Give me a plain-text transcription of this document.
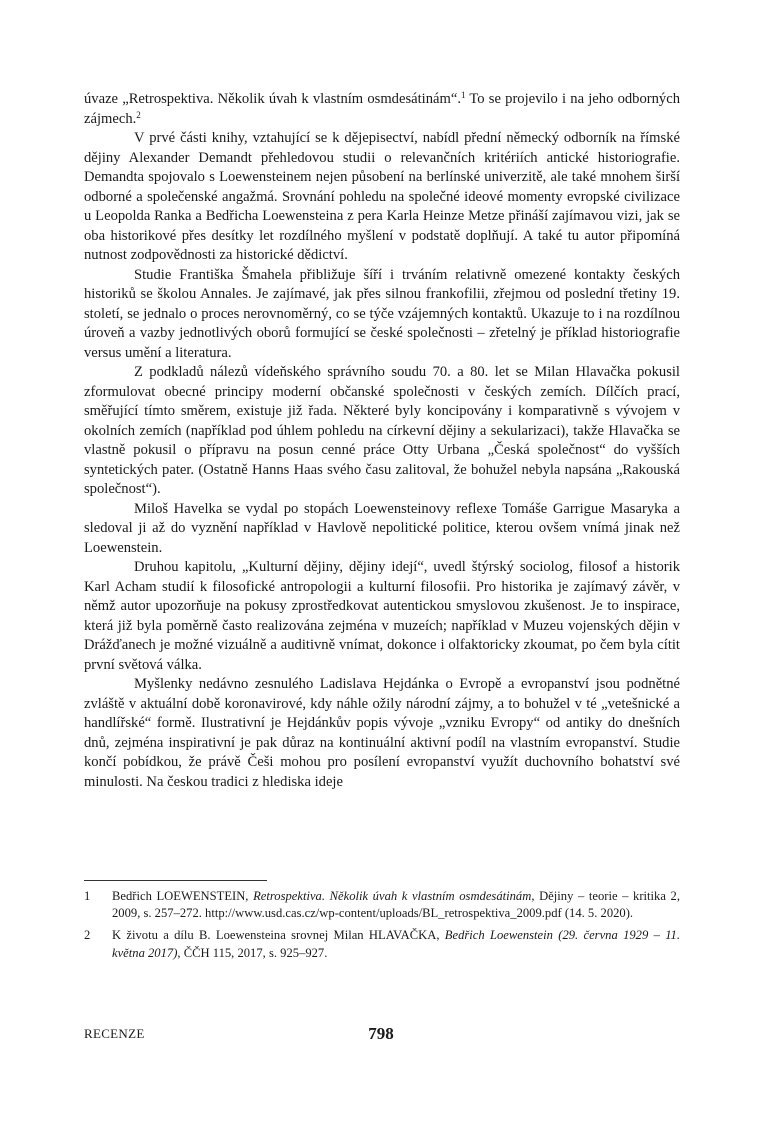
úvaze „Retrospektiva. Několik úvah k vlastním osmdesátinám“.$^1$ To se projevilo i na jeho odborných zájmech.$^2$

V prvé části knihy, vztahující se k dějepisectví, nabídl přední německý odborník na římské dějiny Alexander Demandt přehledovou studii o relevančních kritériích antické historiografie. Demandta spojovalo s Loewensteinem nejen působení na berlínské univerzitě, ale také mnohem širší odborné a společenské angažmá. Srovnání pohledu na společné ideové momenty evropské civilizace u Leopolda Ranka a Bedřicha Loewensteina z pera Karla Heinze Metze přináší zajímavou vizi, jak se oba historikové přes desítky let rozdílného myšlení v podstatě doplňují. A také tu autor připomíná nutnost zodpovědnosti za historické dědictví.

Studie Františka Šmahela přibližuje šíří i trváním relativně omezené kontakty českých historiků se školou Annales. Je zajímavé, jak přes silnou frankofilii, zřejmou od poslední třetiny 19. století, se jednalo o proces nerovnoměrný, co se týče vzájemných kontaktů. Ukazuje to i na rozdílnou úroveň a vazby jednotlivých oborů formující se české společnosti – zřetelný je příklad historiografie versus umění a literatura.

Z podkladů nálezů vídeňského správního soudu 70. a 80. let se Milan Hlavačka pokusil zformulovat obecné principy moderní občanské společnosti v českých zemích. Dílčích prací, směřující tímto směrem, existuje již řada. Některé byly koncipovány i komparativně s vývojem v okolních zemích (například pod úhlem pohledu na církevní dějiny a sekularizaci), takže Hlavačka se vlastně pokusil o přípravu na posun cenné práce Otty Urbana „Česká společnost“ do vyšších syntetických pater. (Ostatně Hanns Haas svého času zalitoval, že bohužel nebyla napsána „Rakouská společnost“).

Miloš Havelka se vydal po stopách Loewensteinovy reflexe Tomáše Garrigue Masaryka a sledoval ji až do vyznění například v Havlově nepolitické politice, kterou ovšem vnímá jinak než Loewenstein.

Druhou kapitolu, „Kulturní dějiny, dějiny idejí“, uvedl štýrský sociolog, filosof a historik Karl Acham studií k filosofické antropologii a kulturní filosofii. Pro historika je zajímavý závěr, v němž autor upozorňuje na pokusy zprostředkovat autentickou smyslovou zkušenost. Je to inspirace, která již byla poměrně často realizována zejména v muzeích; například v Muzeu vojenských dějin v Drážďanech je možné vizuálně a auditivně vnímat, dokonce i olfaktoricky zkoumat, po čem byla cítit první světová válka.

Myšlenky nedávno zesnulého Ladislava Hejdánka o Evropě a evropanství jsou podnětné zvláště v aktuální době koronavirové, kdy náhle ožily národní zájmy, a to bohužel v té „vetešnické a handlířské“ formě. Ilustrativní je Hejdánkův popis vývoje „vzniku Evropy“ od antiky do dnešních dnů, zejména inspirativní je pak důraz na kontinuální aktivní podíl na vlastním evropanství. Studie končí pobídkou, že právě Češi mohou pro posílení evropanství využít duchovního bohatství své minulosti. Na českou tradici z hlediska ideje

1	Bedřich LOEWENSTEIN, Retrospektiva. Několik úvah k vlastním osmdesátinám, Dějiny – teorie – kritika 2, 2009, s. 257–272. http://www.usd.cas.cz/wp-content/uploads/BL_retrospektiva_2009.pdf (14. 5. 2020).
2	K životu a dílu B. Loewensteina srovnej Milan HLAVAČKA, Bedřich Loewenstein (29. června 1929 – 11. května 2017), ČČH 115, 2017, s. 925–927.
RECENZE	798
